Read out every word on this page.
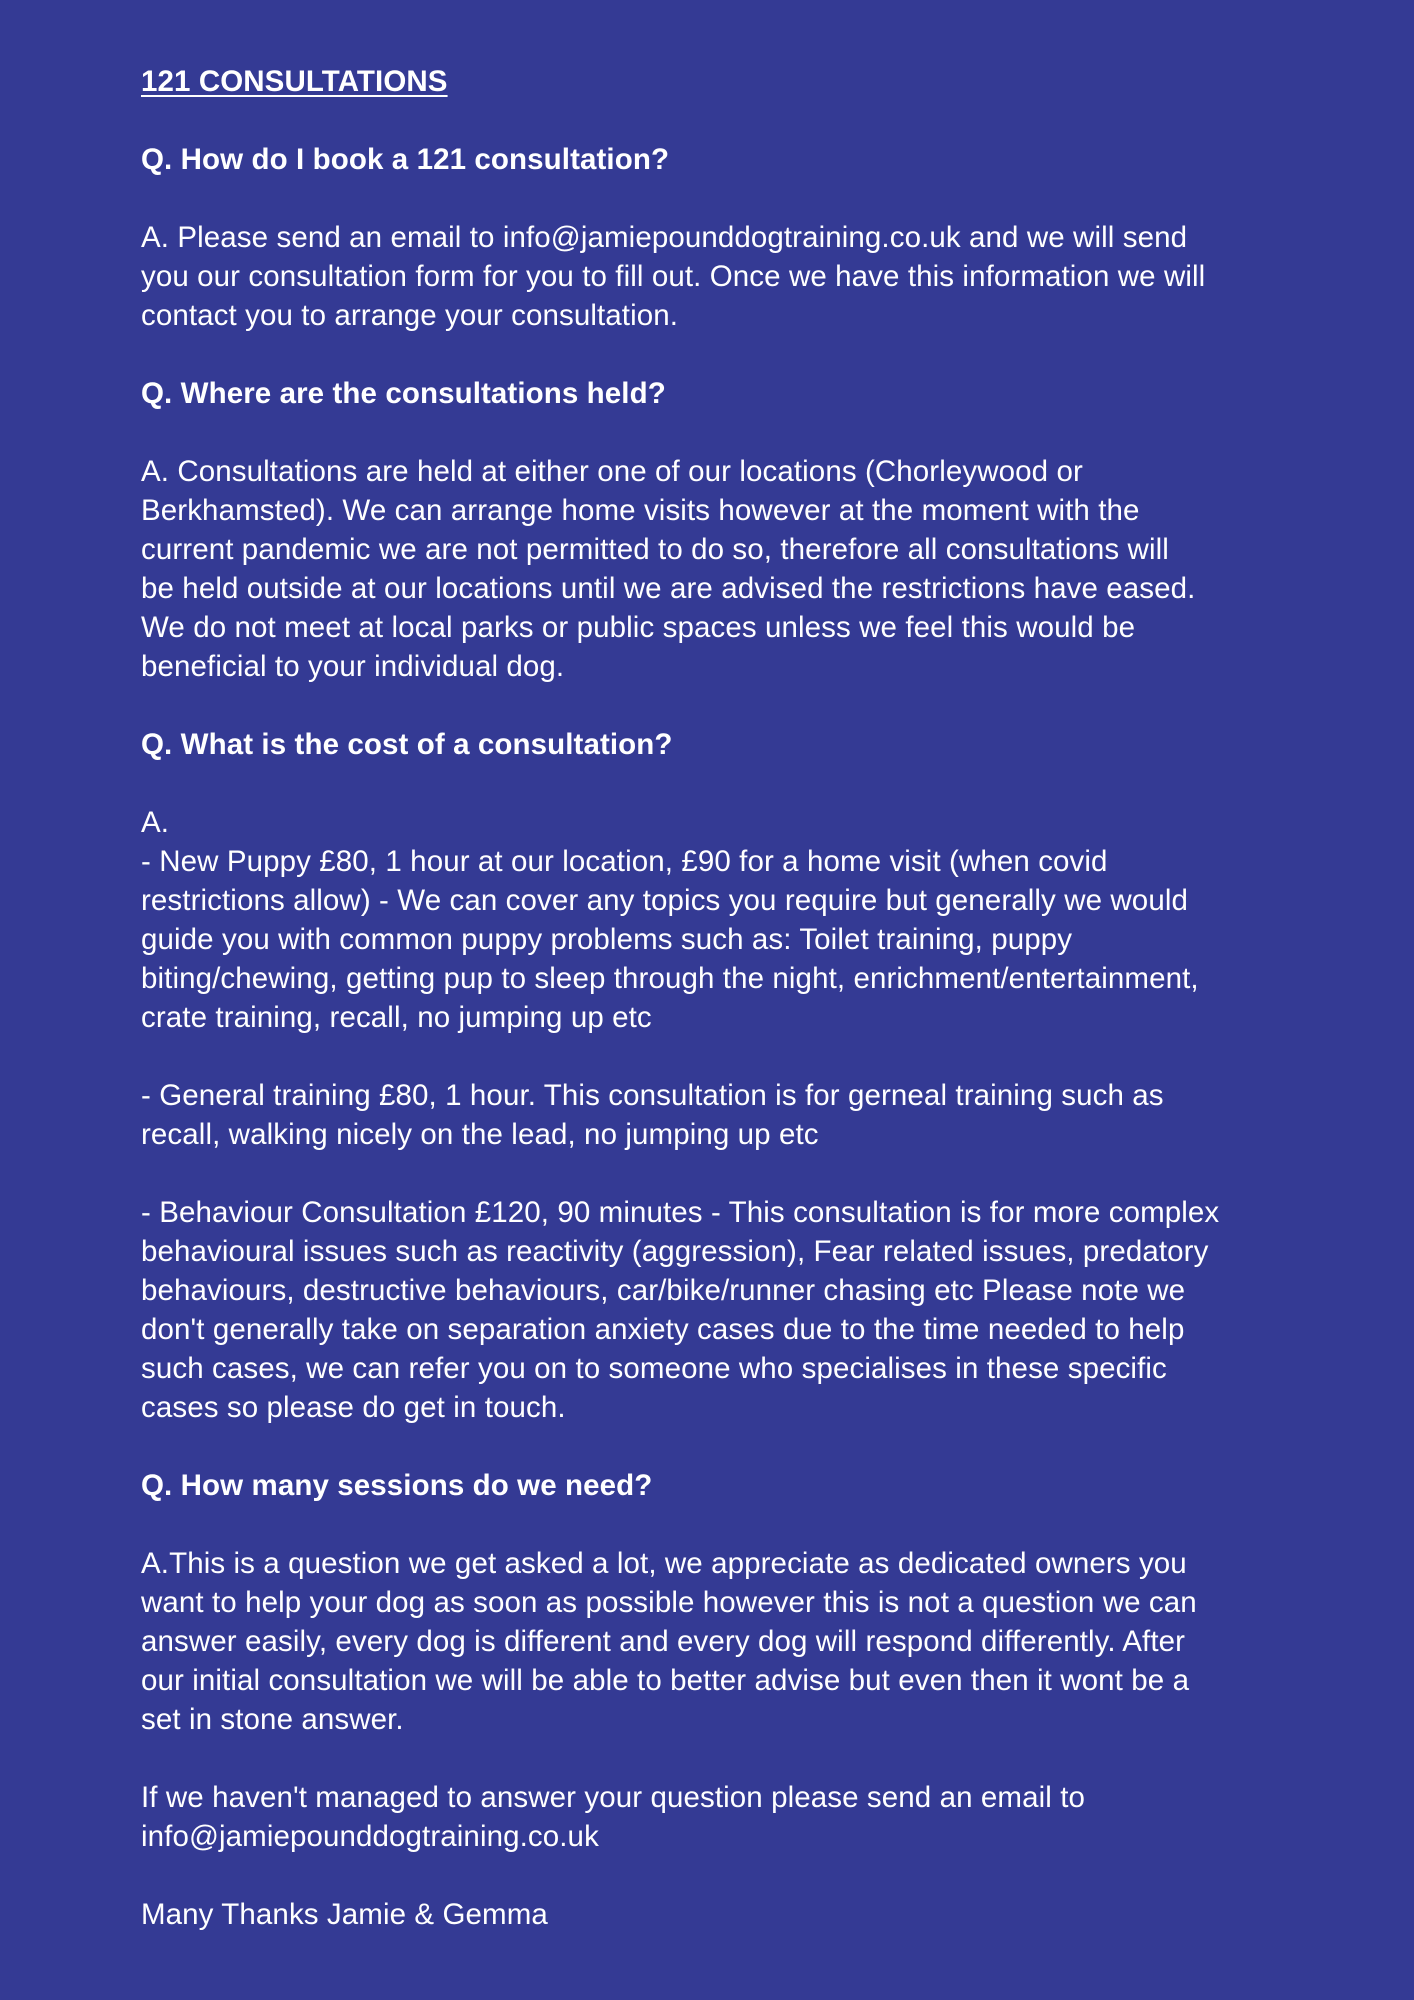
121 CONSULTATIONS

Q. How do I book a 121 consultation?

A. Please send an email to info@jamiepounddogtraining.co.uk and we will send

you our consultation form for you to fill out. Once we have this information we will

contact you to arrange your consultation.

Q. Where are the consultations held?

A. Consultations are held at either one of our locations (Chorleywood or

Berkhamsted). We can arrange home visits however at the moment with the

current pandemic we are not permitted to do so, therefore all consultations will

be held outside at our locations until we are advised the restrictions have eased.

We do not meet at local parks or public spaces unless we feel this would be

beneficial to your individual dog.

Q. What is the cost of a consultation?

A.

- New Puppy £80, 1 hour at our location, £90 for a home visit (when covid

restrictions allow) - We can cover any topics you require but generally we would

guide you with common puppy problems such as: Toilet training, puppy

biting/chewing, getting pup to sleep through the night, enrichment/entertainment,

crate training, recall, no jumping up etc

- General training £80, 1 hour. This consultation is for gerneal training such as

recall, walking nicely on the lead, no jumping up etc

- Behaviour Consultation £120, 90 minutes - This consultation is for more complex

behavioural issues such as reactivity (aggression), Fear related issues, predatory

behaviours, destructive behaviours, car/bike/runner chasing etc Please note we

don't generally take on separation anxiety cases due to the time needed to help

such cases, we can refer you on to someone who specialises in these specific

cases so please do get in touch.

Q. How many sessions do we need?

A.This is a question we get asked a lot, we appreciate as dedicated owners you

want to help your dog as soon as possible however this is not a question we can

answer easily, every dog is different and every dog will respond differently. After

our initial consultation we will be able to better advise but even then it wont be a

set in stone answer.

If we haven't managed to answer your question please send an email to

info@jamiepounddogtraining.co.uk

Many Thanks Jamie & Gemma
